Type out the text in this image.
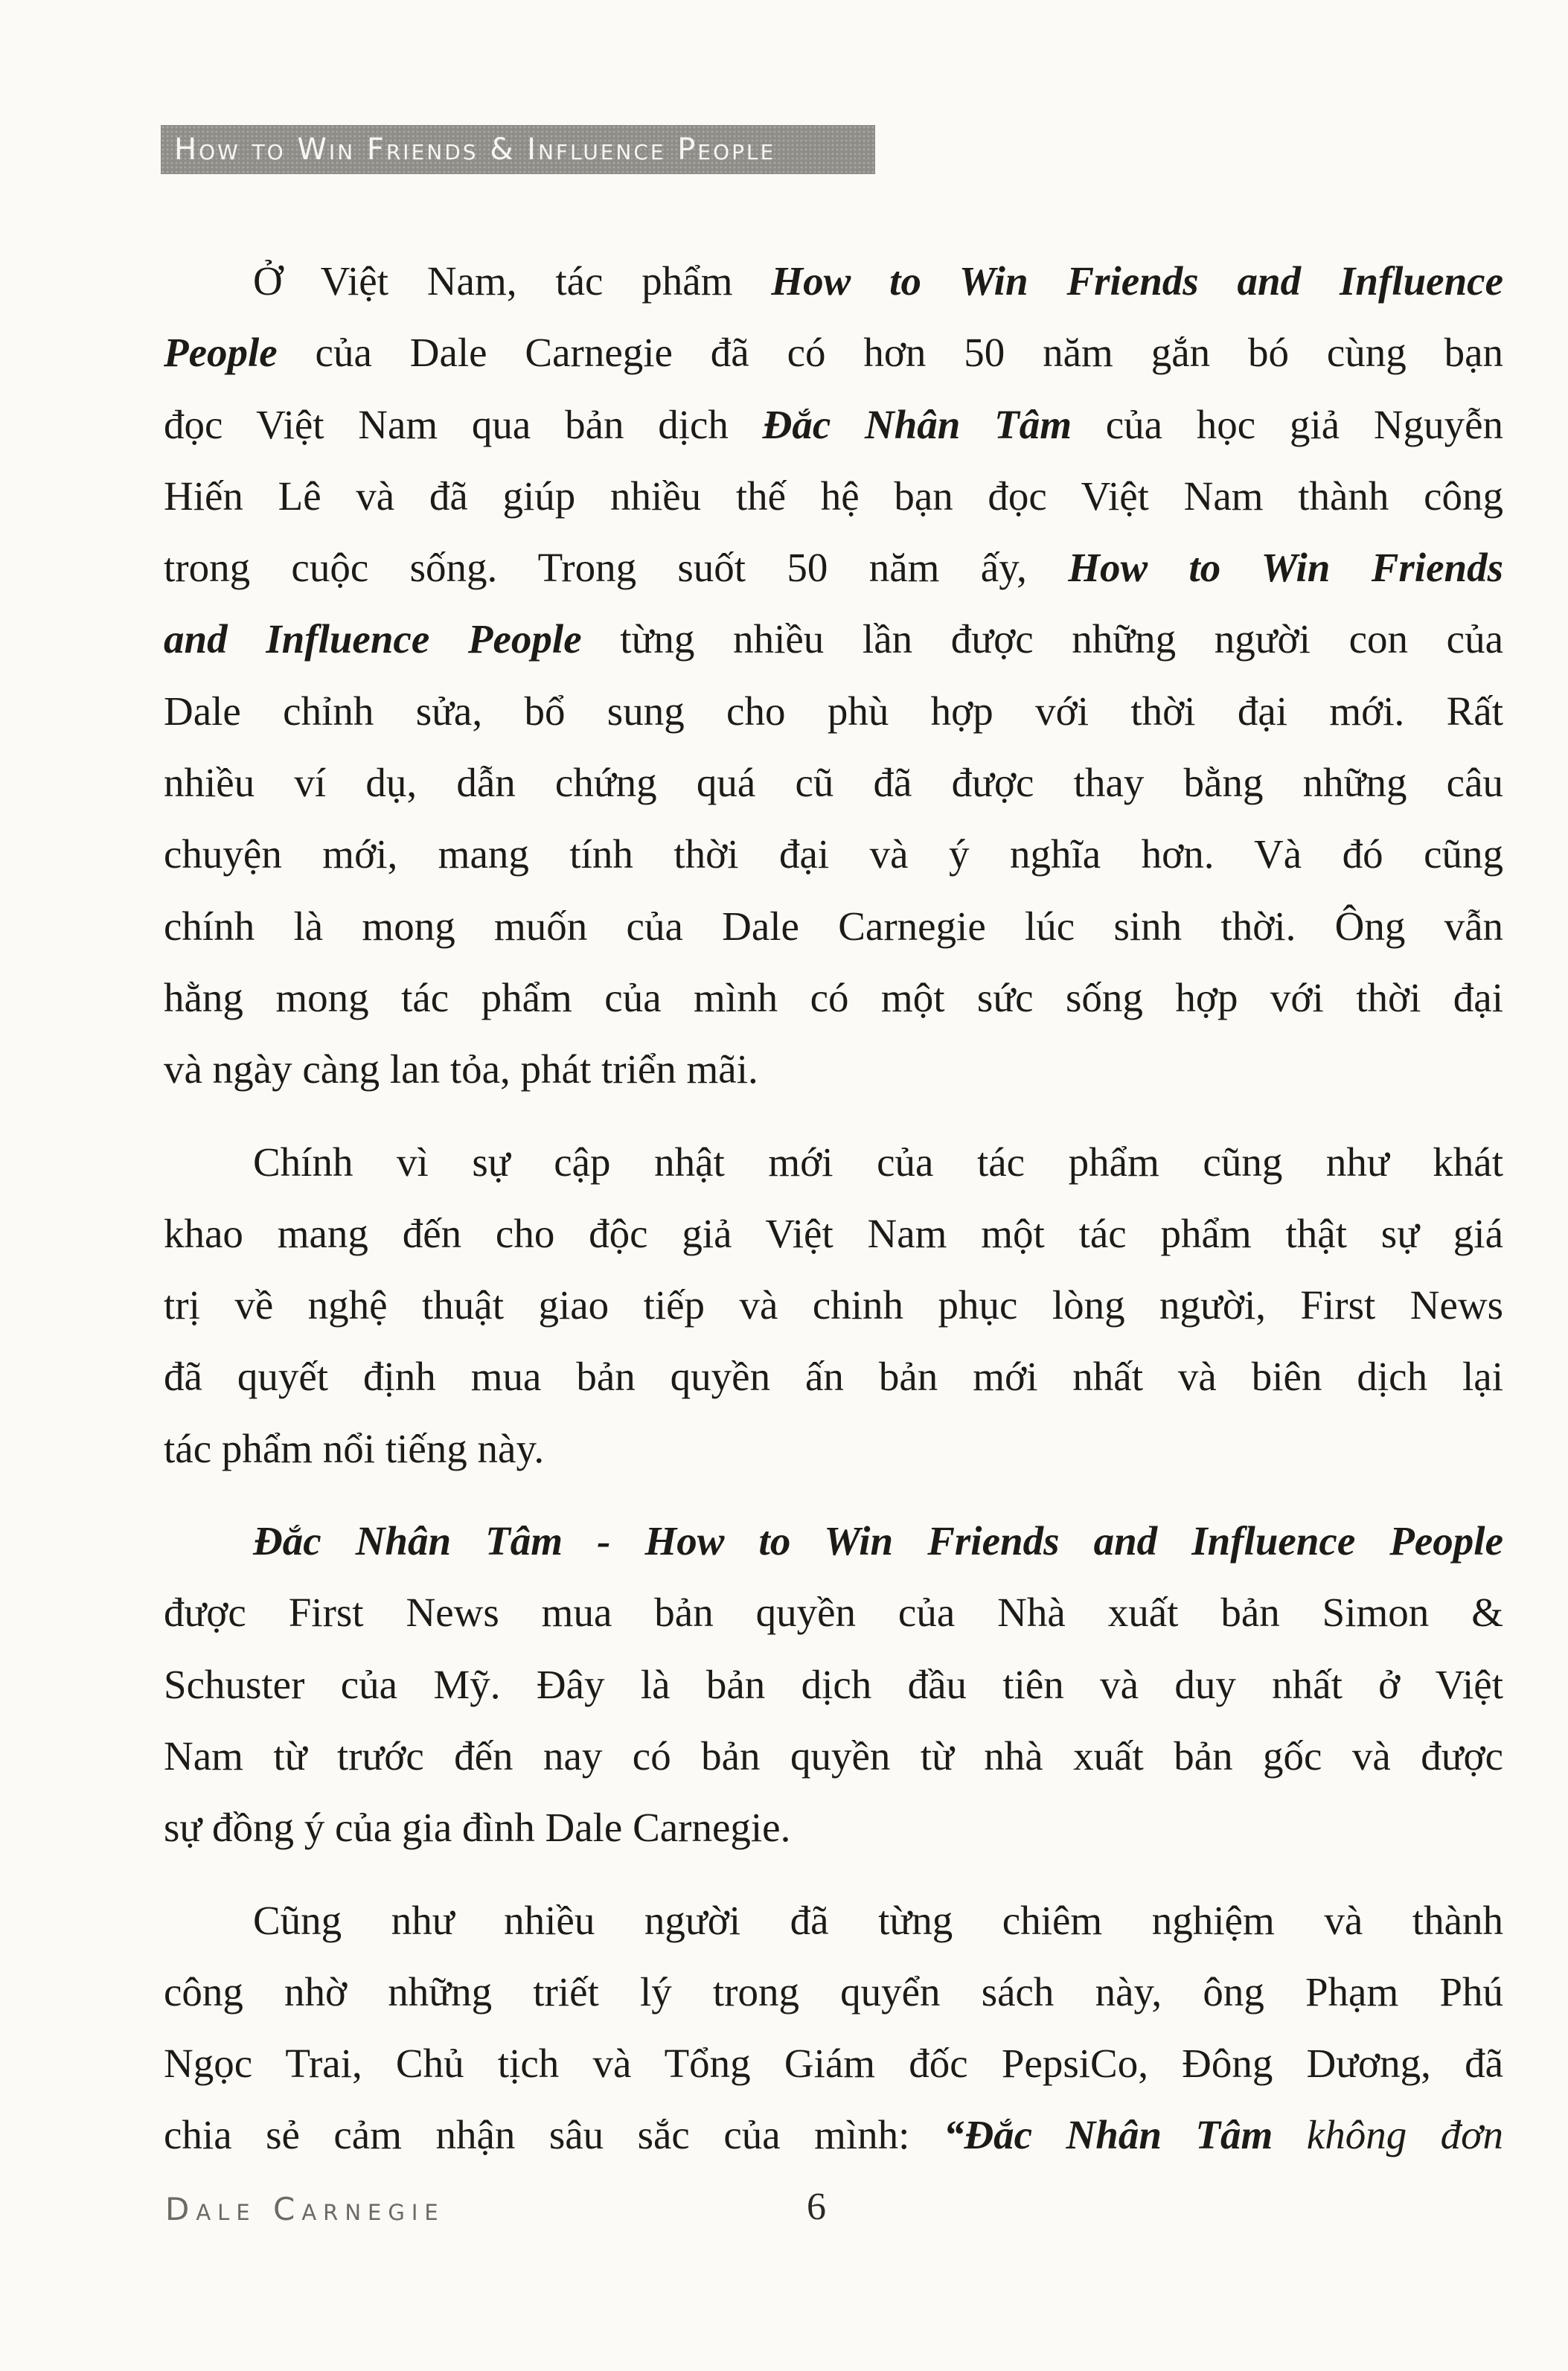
How to Win Friends & Influence People
Ở Việt Nam, tác phẩm How to Win Friends and Influence
People của Dale Carnegie đã có hơn 50 năm gắn bó cùng bạn
đọc Việt Nam qua bản dịch Đắc Nhân Tâm của học giả Nguyễn
Hiến Lê và đã giúp nhiều thế hệ bạn đọc Việt Nam thành công
trong cuộc sống. Trong suốt 50 năm ấy, How to Win Friends
and Influence People từng nhiều lần được những người con của
Dale chỉnh sửa, bổ sung cho phù hợp với thời đại mới. Rất
nhiều ví dụ, dẫn chứng quá cũ đã được thay bằng những câu
chuyện mới, mang tính thời đại và ý nghĩa hơn. Và đó cũng
chính là mong muốn của Dale Carnegie lúc sinh thời. Ông vẫn
hằng mong tác phẩm của mình có một sức sống hợp với thời đại
và ngày càng lan tỏa, phát triển mãi.
Chính vì sự cập nhật mới của tác phẩm cũng như khát
khao mang đến cho độc giả Việt Nam một tác phẩm thật sự giá
trị về nghệ thuật giao tiếp và chinh phục lòng người, First News
đã quyết định mua bản quyền ấn bản mới nhất và biên dịch lại
tác phẩm nổi tiếng này.
Đắc Nhân Tâm - How to Win Friends and Influence People
được First News mua bản quyền của Nhà xuất bản Simon &
Schuster của Mỹ. Đây là bản dịch đầu tiên và duy nhất ở Việt
Nam từ trước đến nay có bản quyền từ nhà xuất bản gốc và được
sự đồng ý của gia đình Dale Carnegie.
Cũng như nhiều người đã từng chiêm nghiệm và thành
công nhờ những triết lý trong quyển sách này, ông Phạm Phú
Ngọc Trai, Chủ tịch và Tổng Giám đốc PepsiCo, Đông Dương, đã
chia sẻ cảm nhận sâu sắc của mình: “Đắc Nhân Tâm không đơn
Dale Carnegie	6
